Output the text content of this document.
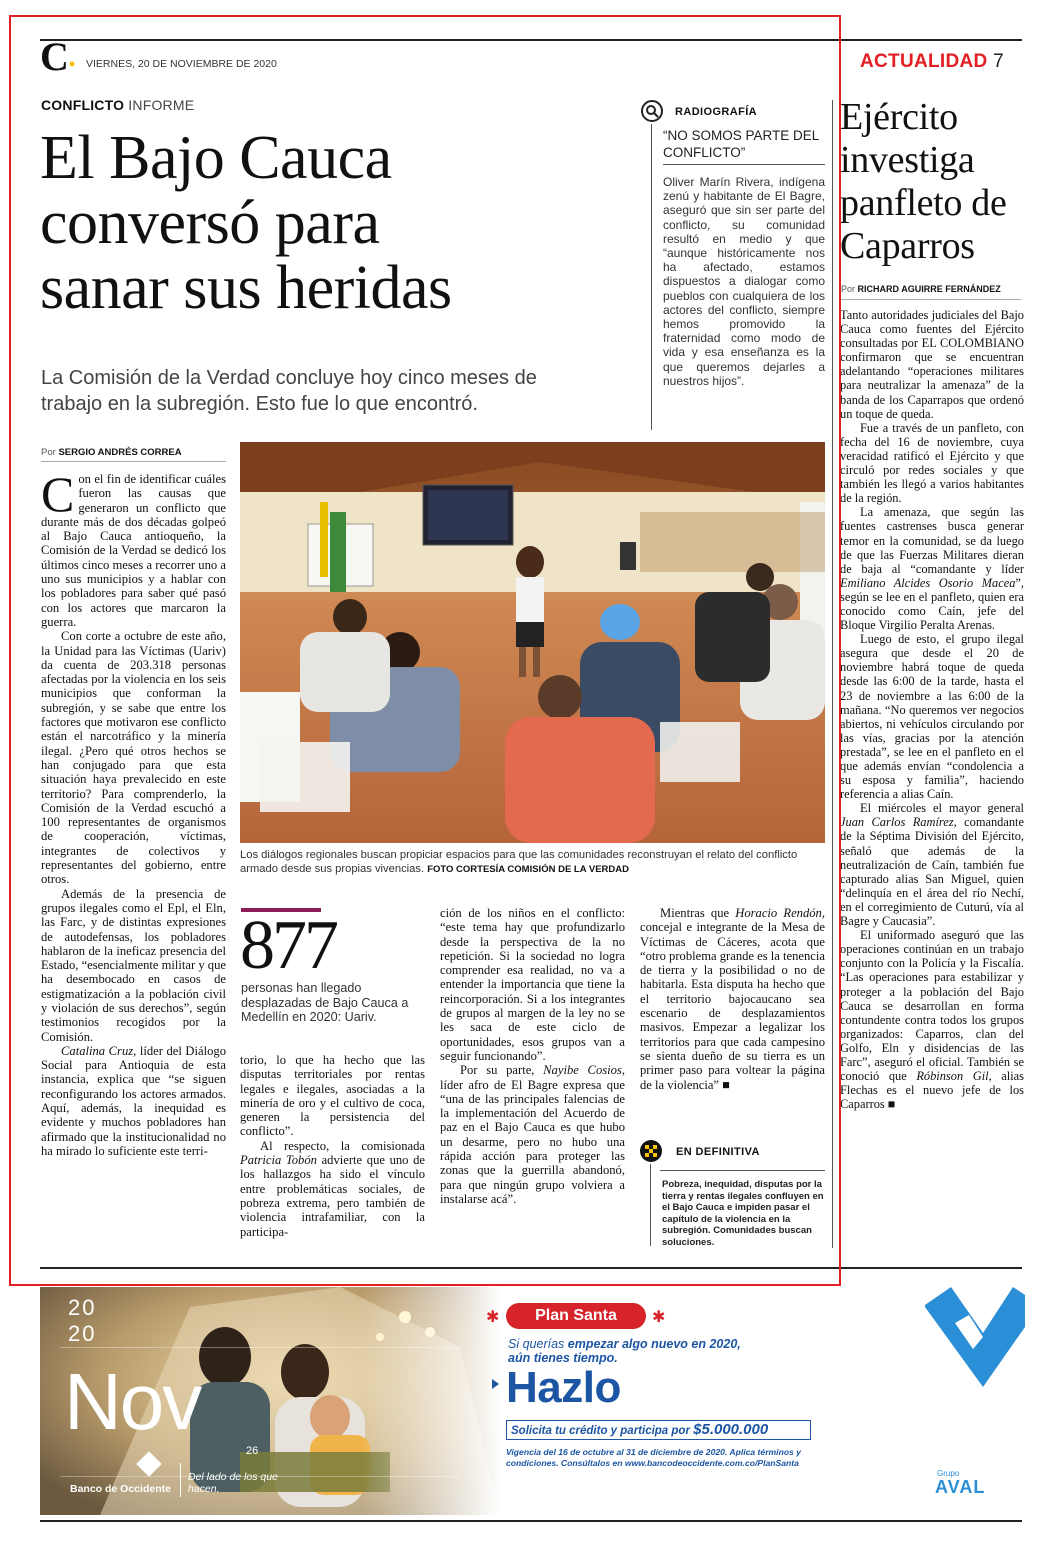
C• VIERNES, 20 DE NOVIEMBRE DE 2020	ACTUALIDAD 7
CONFLICTO INFORME
El Bajo Cauca
conversó para
sanar sus heridas
La Comisión de la Verdad concluye hoy cinco meses de trabajo en la subregión. Esto fue lo que encontró.
RADIOGRAFÍA
“NO SOMOS PARTE DEL CONFLICTO”
Oliver Marín Rivera, indígena zenú y habitante de El Bagre, aseguró que sin ser parte del conflicto, su comunidad resultó en medio y que “aunque históricamente nos ha afectado, estamos dispuestos a dialogar como pueblos con cualquiera de los actores del conflicto, siempre hemos promovido la fraternidad como modo de vida y esa enseñanza es la que queremos dejarles a nuestros hijos”.
Por SERGIO ANDRÉS CORREA

Con el fin de identificar cuáles fueron las causas que generaron un conflicto que durante más de dos décadas golpeó al Bajo Cauca antioqueño, la Comisión de la Verdad se dedicó los últimos cinco meses a recorrer uno a uno sus municipios y a hablar con los pobladores para saber qué pasó con los actores que marcaron la guerra.

Con corte a octubre de este año, la Unidad para las Víctimas (Uariv) da cuenta de 203.318 personas afectadas por la violencia en los seis municipios que conforman la subregión, y se sabe que entre los factores que motivaron ese conflicto están el narcotráfico y la minería ilegal. ¿Pero qué otros hechos se han conjugado para que esta situación haya prevalecido en este territorio? Para comprenderlo, la Comisión de la Verdad escuchó a 100 representantes de organismos de cooperación, víctimas, integrantes de colectivos y representantes del gobierno, entre otros.

Además de la presencia de grupos ilegales como el Epl, el Eln, las Farc, y de distintas expresiones de autodefensas, los pobladores hablaron de la ineficaz presencia del Estado, “esencialmente militar y que ha desembocado en casos de estigmatización a la población civil y violación de sus derechos”, según testimonios recogidos por la Comisión.

Catalina Cruz, líder del Diálogo Social para Antioquia de esta instancia, explica que “se siguen reconfigurando los actores armados. Aquí, además, la inequidad es evidente y muchos pobladores han afirmado que la institucionalidad no ha mirado lo suficiente este terri-

Los diálogos regionales buscan propiciar espacios para que las comunidades reconstruyan el relato del conflicto armado desde sus propias vivencias. FOTO CORTESÍA COMISIÓN DE LA VERDAD
877
personas han llegado desplazadas de Bajo Cauca a Medellín en 2020: Uariv.

torio, lo que ha hecho que las disputas territoriales por rentas legales e ilegales, asociadas a la minería de oro y el cultivo de coca, generen la persistencia del conflicto”.

Al respecto, la comisionada Patricia Tobón advierte que uno de los hallazgos ha sido el vínculo entre problemáticas sociales, de pobreza extrema, pero también de violencia intrafamiliar, con la participa-

ción de los niños en el conflicto: “este tema hay que profundizarlo desde la perspectiva de la no repetición. Si la sociedad no logra comprender esa realidad, no va a entender la importancia que tiene la reincorporación. Si a los integrantes de grupos al margen de la ley no se les saca de este ciclo de oportunidades, esos grupos van a seguir funcionando”.

Por su parte, Nayibe Cosios, líder afro de El Bagre expresa que “una de las principales falencias de la implementación del Acuerdo de paz en el Bajo Cauca es que hubo un desarme, pero no hubo una rápida acción para proteger las zonas que la guerrilla abandonó, para que ningún grupo volviera a instalarse acá”.

Mientras que Horacio Rendón, concejal e integrante de la Mesa de Víctimas de Cáceres, acota que “otro problema grande es la tenencia de tierra y la posibilidad o no de habitarla. Esta disputa ha hecho que el territorio bajocaucano sea escenario de desplazamientos masivos. Empezar a legalizar los territorios para que cada campesino se sienta dueño de su tierra es un primer paso para voltear la página de la violencia” ■

EN DEFINITIVA
Pobreza, inequidad, disputas por la tierra y rentas ilegales confluyen en el Bajo Cauca e impiden pasar el capítulo de la violencia en la subregión. Comunidades buscan soluciones.
Ejército
investiga
panfleto de
Caparros
Por RICHARD AGUIRRE FERNÁNDEZ

Tanto autoridades judiciales del Bajo Cauca como fuentes del Ejército consultadas por EL COLOMBIANO confirmaron que se encuentran adelantando “operaciones militares para neutralizar la amenaza” de la banda de los Caparrapos que ordenó un toque de queda.

Fue a través de un panfleto, con fecha del 16 de noviembre, cuya veracidad ratificó el Ejército y que circuló por redes sociales y que también les llegó a varios habitantes de la región.

La amenaza, que según las fuentes castrenses busca generar temor en la comunidad, se da luego de que las Fuerzas Militares dieran de baja al “comandante y líder Emiliano Alcides Osorio Macea”, según se lee en el panfleto, quien era conocido como Caín, jefe del Bloque Virgilio Peralta Arenas.

Luego de esto, el grupo ilegal asegura que desde el 20 de noviembre habrá toque de queda desde las 6:00 de la tarde, hasta el 23 de noviembre a las 6:00 de la mañana. “No queremos ver negocios abiertos, ni vehículos circulando por las vías, gracias por la atención prestada”, se lee en el panfleto en el que además envían “condolencia a su esposa y familia”, haciendo referencia a alias Caín.

El miércoles el mayor general Juan Carlos Ramírez, comandante de la Séptima División del Ejército, señaló que además de la neutralización de Caín, también fue capturado alias San Miguel, quien “delinquía en el área del río Nechí, en el corregimiento de Cuturú, vía al Bagre y Caucasia”.

El uniformado aseguró que las operaciones continúan en un trabajo conjunto con la Policía y la Fiscalía. “Las operaciones para estabilizar y proteger a la población del Bajo Cauca se desarrollan en forma contundente contra todos los grupos organizados: Caparros, clan del Golfo, Eln y disidencias de las Farc”, aseguró el oficial. También se conoció que Róbinson Gil, alias Flechas es el nuevo jefe de los Caparros ■

20
20
Nov
26
Banco de Occidente
Del lado de los que hacen.
Plan Santa
✱	✱
Si querías empezar algo nuevo en 2020,
aún tienes tiempo.
Hazlo
Solicita tu crédito y participa por $5.000.000
Vigencia del 16 de octubre al 31 de diciembre de 2020. Aplica términos y condiciones. Consúltalos en www.bancodeoccidente.com.co/PlanSanta
Grupo
AVAL
